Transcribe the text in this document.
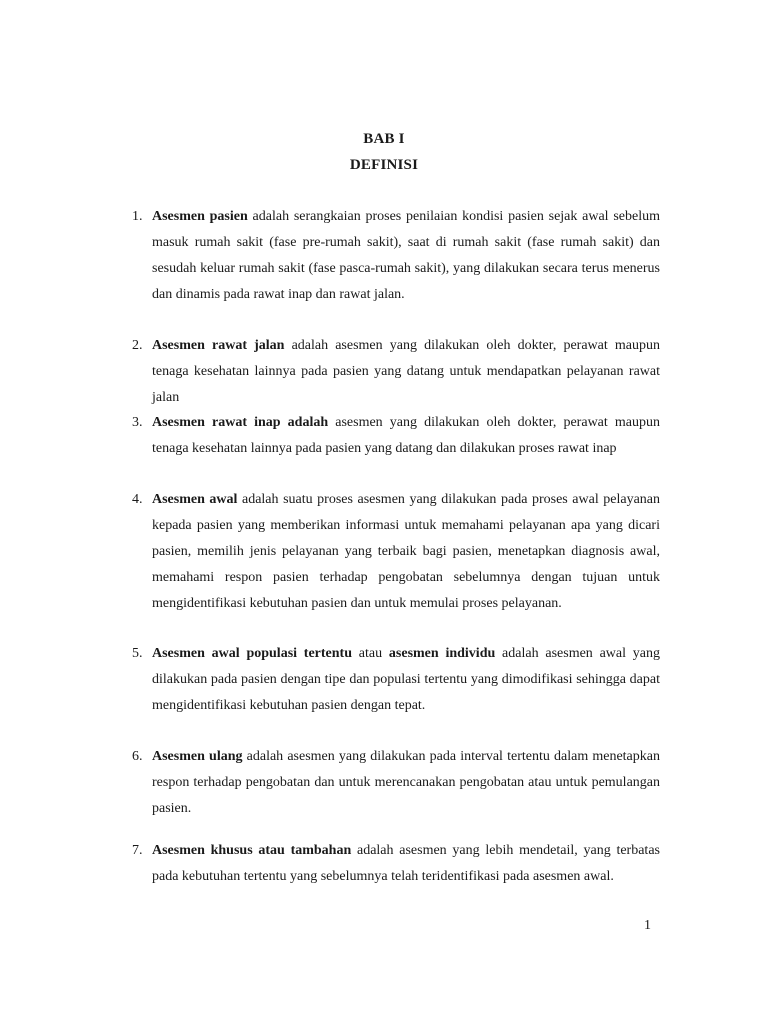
BAB I
DEFINISI
1. Asesmen pasien adalah serangkaian proses penilaian kondisi pasien sejak awal sebelum masuk rumah sakit (fase pre-rumah sakit), saat di rumah sakit (fase rumah sakit) dan sesudah keluar rumah sakit (fase pasca-rumah sakit), yang dilakukan secara terus menerus dan dinamis pada rawat inap dan rawat jalan.
2. Asesmen rawat jalan adalah asesmen yang dilakukan oleh dokter, perawat maupun tenaga kesehatan lainnya pada pasien yang datang untuk mendapatkan pelayanan rawat jalan
3. Asesmen rawat inap adalah asesmen yang dilakukan oleh dokter, perawat maupun tenaga kesehatan lainnya pada pasien yang datang dan dilakukan proses rawat inap
4. Asesmen awal adalah suatu proses asesmen yang dilakukan pada proses awal pelayanan kepada pasien yang memberikan informasi untuk memahami pelayanan apa yang dicari pasien, memilih jenis pelayanan yang terbaik bagi pasien, menetapkan diagnosis awal, memahami respon pasien terhadap pengobatan sebelumnya dengan tujuan untuk mengidentifikasi kebutuhan pasien dan untuk memulai proses pelayanan.
5. Asesmen awal populasi tertentu atau asesmen individu adalah asesmen awal yang dilakukan pada pasien dengan tipe dan populasi tertentu yang dimodifikasi sehingga dapat mengidentifikasi kebutuhan pasien dengan tepat.
6. Asesmen ulang adalah asesmen yang dilakukan pada interval tertentu dalam menetapkan respon terhadap pengobatan dan untuk merencanakan pengobatan atau untuk pemulangan pasien.
7. Asesmen khusus atau tambahan adalah asesmen yang lebih mendetail, yang terbatas pada kebutuhan tertentu yang sebelumnya telah teridentifikasi pada asesmen awal.
1
